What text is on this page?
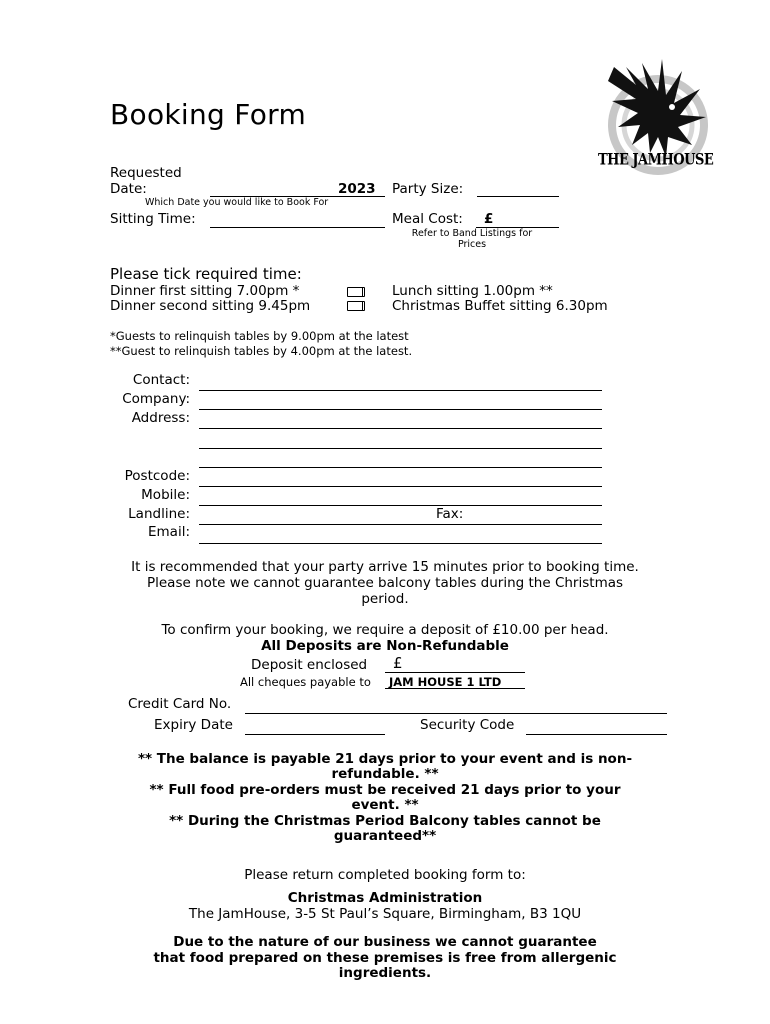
THE JAMHOUSE
Booking Form
Requested
Date:	2023
Which Date you would like to Book For
Party Size:
Sitting Time:	Meal Cost: £
Refer to Band Listings for
Prices
Please tick required time:
Dinner first sitting 7.00pm *	Lunch sitting 1.00pm **
Dinner second sitting 9.45pm	Christmas Buffet sitting 6.30pm
*Guests to relinquish tables by 9.00pm at the latest
**Guest to relinquish tables by 4.00pm at the latest.
Contact:
Company:
Address:
Postcode:
Mobile:
Landline:	Fax:
Email:
It is recommended that your party arrive 15 minutes prior to booking time.
Please note we cannot guarantee balcony tables during the Christmas
period.
To confirm your booking, we require a deposit of £10.00 per head.
All Deposits are Non-Refundable
Deposit enclosed £
All cheques payable to JAM HOUSE 1 LTD
Credit Card No.
Expiry Date	Security Code
** The balance is payable 21 days prior to your event and is non-
refundable. **
** Full food pre-orders must be received 21 days prior to your
event. **
** During the Christmas Period Balcony tables cannot be
guaranteed**
Please return completed booking form to:
Christmas Administration
The JamHouse, 3-5 St Paul’s Square, Birmingham, B3 1QU
Due to the nature of our business we cannot guarantee
that food prepared on these premises is free from allergenic
ingredients.
